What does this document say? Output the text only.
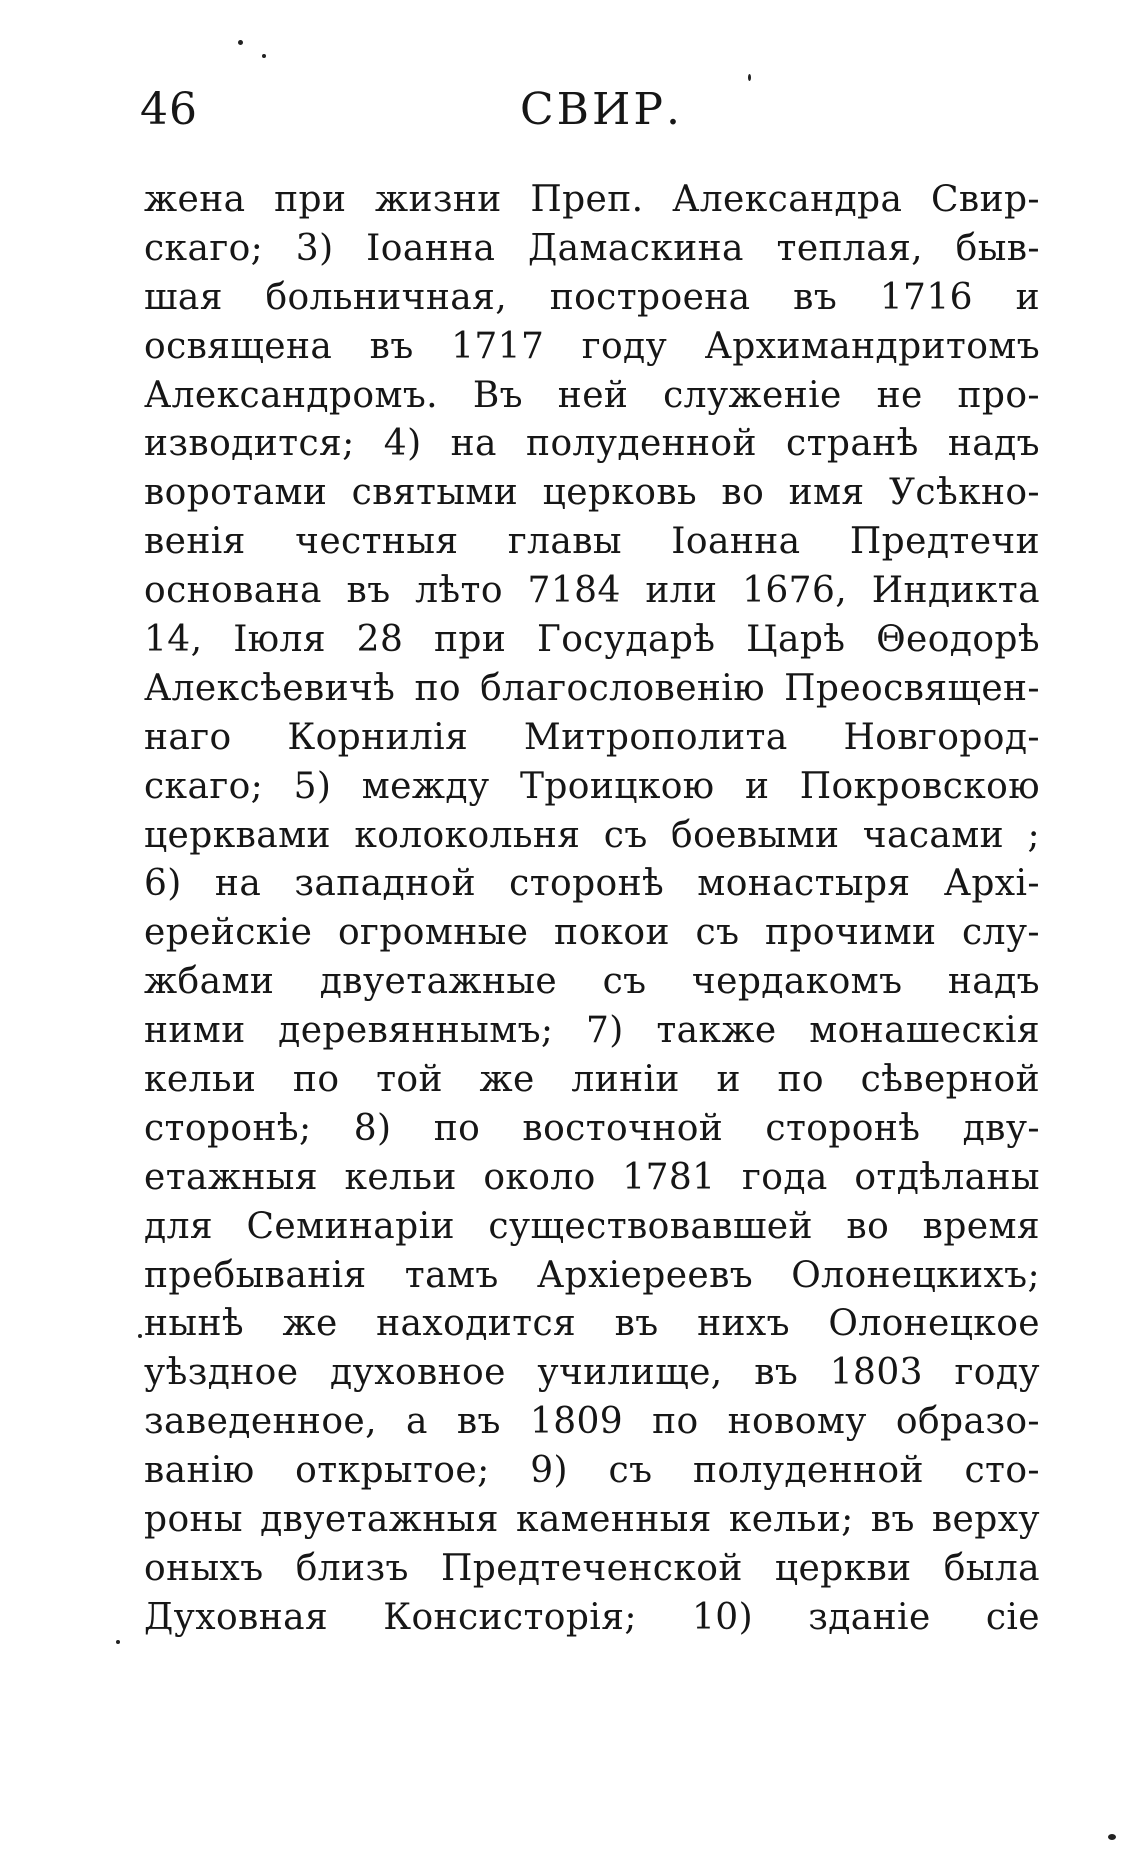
46	СВИР.
жена при жизни Преп. Александра Свир-
скаго; 3) Іоанна Дамаскина теплая, быв-
шая больничная, построена въ 1716 и
освящена въ 1717 году Архимандритомъ
Александромъ. Въ ней служеніе не про-
изводится; 4) на полуденной странѣ надъ
воротами святыми церковь во имя Усѣкно-
венія честныя главы Іоанна Предтечи
основана въ лѣто 7184 или 1676, Индикта
14, Іюля 28 при Государѣ Царѣ Θеодорѣ
Алексѣевичѣ по благословенію Преосвящен-
наго Корнилія Митрополита Новгород-
скаго; 5) между Троицкою и Покровскою
церквами колокольня съ боевыми часами ;
6) на западной сторонѣ монастыря Архі-
ерейскіе огромные покои съ прочими слу-
жбами двуетажные съ чердакомъ надъ
ними деревяннымъ; 7) также монашескія
кельи по той же линіи и по сѣверной
сторонѣ; 8) по восточной сторонѣ дву-
етажныя кельи около 1781 года отдѣланы
для Семинаріи существовавшей во время
пребыванія тамъ Архіереевъ Олонецкихъ;
нынѣ же находится въ нихъ Олонецкое
уѣздное духовное училище, въ 1803 году
заведенное, а въ 1809 по новому образо-
ванію открытое; 9) съ полуденной сто-
роны двуетажныя каменныя кельи; въ верху
оныхъ близъ Предтеченской церкви была
Духовная Консисторія; 10) зданіе сіе
